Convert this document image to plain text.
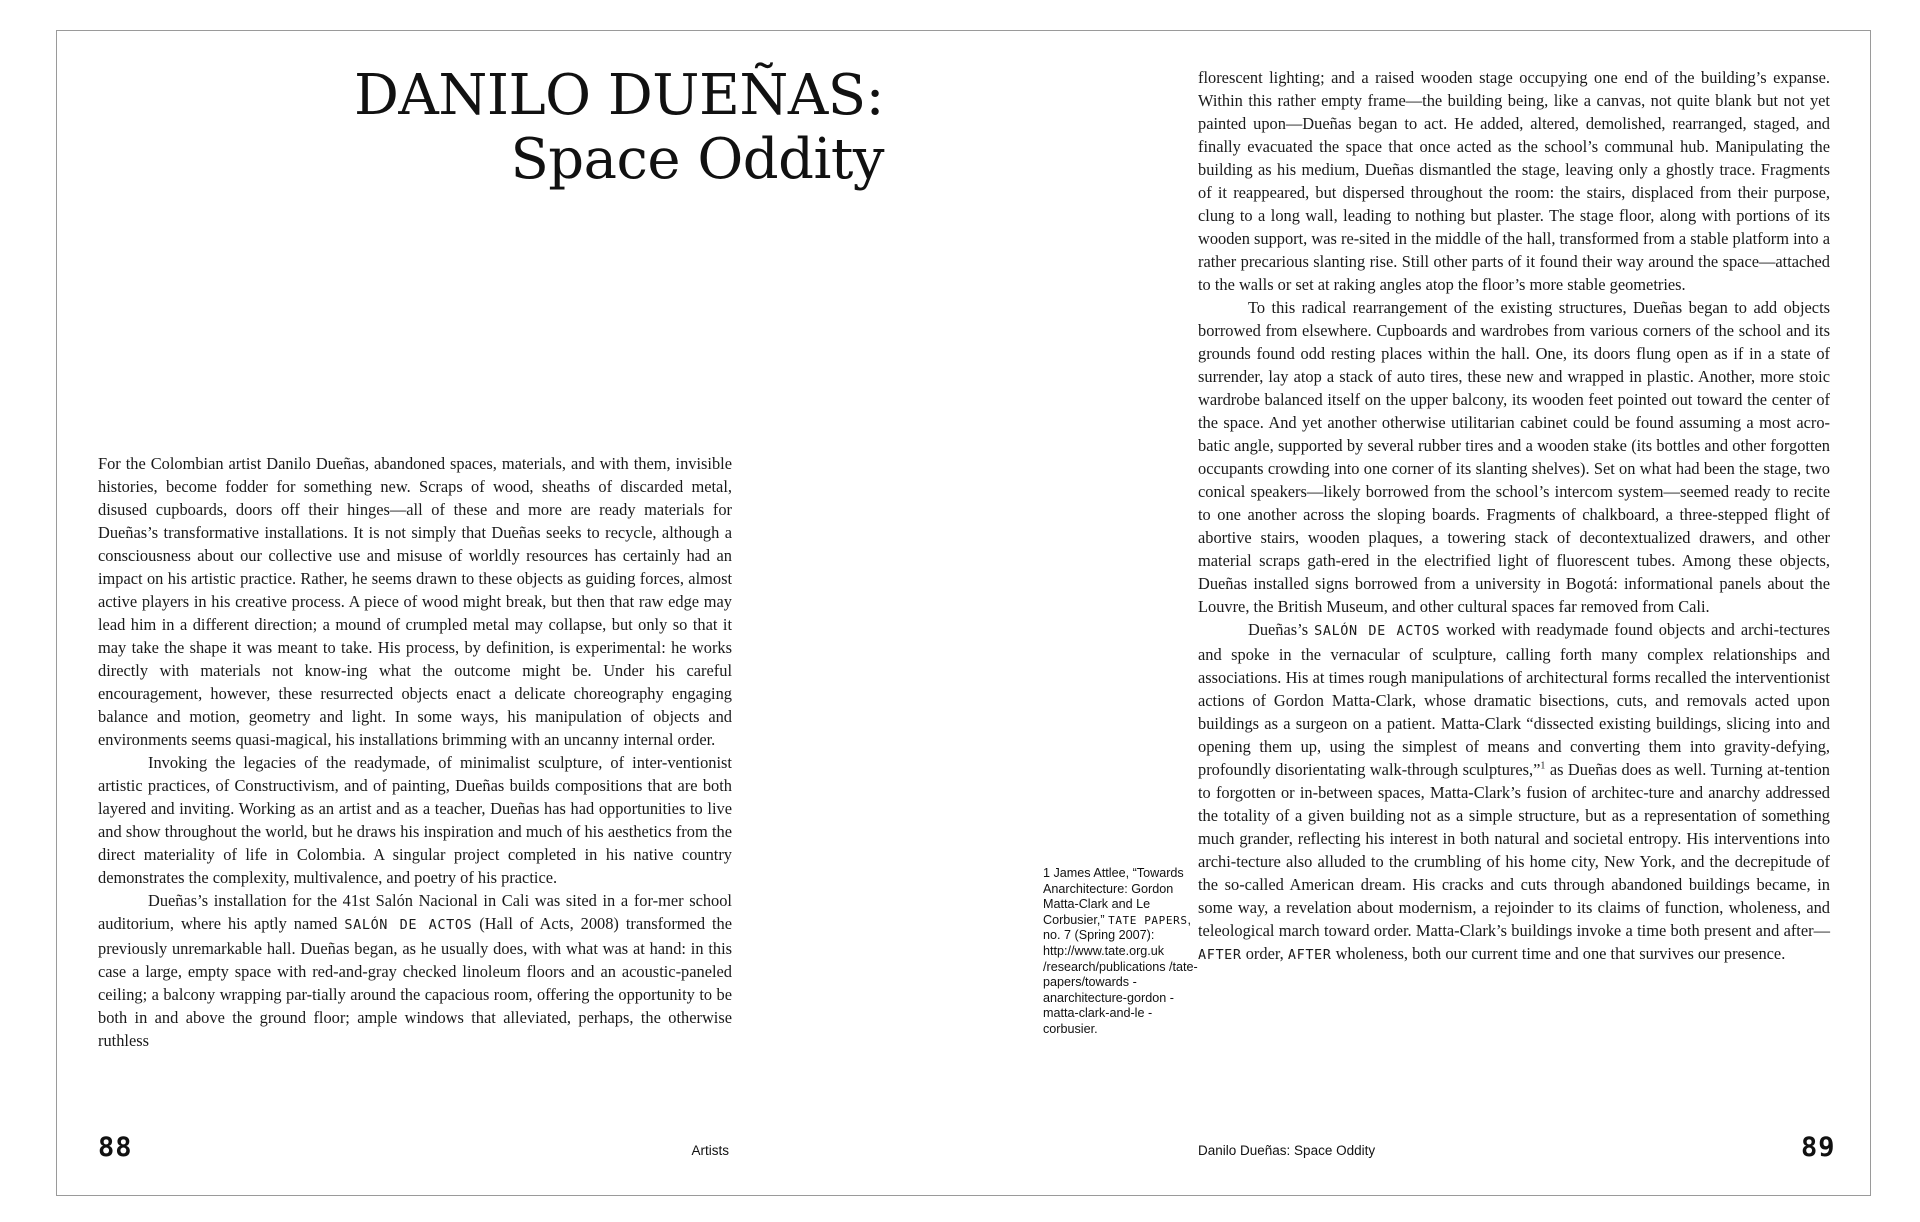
DANILO DUEÑAS:
Space Oddity

For the Colombian artist Danilo Dueñas, abandoned spaces, materials, and with them, invisible histories, become fodder for something new. Scraps of wood, sheaths of discarded metal, disused cupboards, doors off their hinges—all of these and more are ready materials for Dueñas’s transformative installations. It is not simply that Dueñas seeks to recycle, although a consciousness about our collective use and misuse of worldly resources has certainly had an impact on his artistic practice. Rather, he seems drawn to these objects as guiding forces, almost active players in his creative process. A piece of wood might break, but then that raw edge may lead him in a different direction; a mound of crumpled metal may collapse, but only so that it may take the shape it was meant to take. His process, by definition, is experimental: he works directly with materials not know-ing what the outcome might be. Under his careful encouragement, however, these resurrected objects enact a delicate choreography engaging balance and motion, geometry and light. In some ways, his manipulation of objects and environments seems quasi-magical, his installations brimming with an uncanny internal order.

Invoking the legacies of the readymade, of minimalist sculpture, of inter-ventionist artistic practices, of Constructivism, and of painting, Dueñas builds compositions that are both layered and inviting. Working as an artist and as a teacher, Dueñas has had opportunities to live and show throughout the world, but he draws his inspiration and much of his aesthetics from the direct materiality of life in Colombia. A singular project completed in his native country demonstrates the complexity, multivalence, and poetry of his practice.

Dueñas’s installation for the 41st Salón Nacional in Cali was sited in a for-mer school auditorium, where his aptly named SALÓN DE ACTOS (Hall of Acts, 2008) transformed the previously unremarkable hall. Dueñas began, as he usually does, with what was at hand: in this case a large, empty space with red-and-gray checked linoleum floors and an acoustic-paneled ceiling; a balcony wrapping par-tially around the capacious room, offering the opportunity to be both in and above the ground floor; ample windows that alleviated, perhaps, the otherwise ruthless

florescent lighting; and a raised wooden stage occupying one end of the building’s expanse. Within this rather empty frame—the building being, like a canvas, not quite blank but not yet painted upon—Dueñas began to act. He added, altered, demolished, rearranged, staged, and finally evacuated the space that once acted as the school’s communal hub. Manipulating the building as his medium, Dueñas dismantled the stage, leaving only a ghostly trace. Fragments of it reappeared, but dispersed throughout the room: the stairs, displaced from their purpose, clung to a long wall, leading to nothing but plaster. The stage floor, along with portions of its wooden support, was re-sited in the middle of the hall, transformed from a stable platform into a rather precarious slanting rise. Still other parts of it found their way around the space—attached to the walls or set at raking angles atop the floor’s more stable geometries.

To this radical rearrangement of the existing structures, Dueñas began to add objects borrowed from elsewhere. Cupboards and wardrobes from various corners of the school and its grounds found odd resting places within the hall. One, its doors flung open as if in a state of surrender, lay atop a stack of auto tires, these new and wrapped in plastic. Another, more stoic wardrobe balanced itself on the upper balcony, its wooden feet pointed out toward the center of the space. And yet another otherwise utilitarian cabinet could be found assuming a most acro-batic angle, supported by several rubber tires and a wooden stake (its bottles and other forgotten occupants crowding into one corner of its slanting shelves). Set on what had been the stage, two conical speakers—likely borrowed from the school’s intercom system—seemed ready to recite to one another across the sloping boards. Fragments of chalkboard, a three-stepped flight of abortive stairs, wooden plaques, a towering stack of decontextualized drawers, and other material scraps gath-ered in the electrified light of fluorescent tubes. Among these objects, Dueñas installed signs borrowed from a university in Bogotá: informational panels about the Louvre, the British Museum, and other cultural spaces far removed from Cali.

Dueñas’s SALÓN DE ACTOS worked with readymade found objects and archi-tectures and spoke in the vernacular of sculpture, calling forth many complex relationships and associations. His at times rough manipulations of architectural forms recalled the interventionist actions of Gordon Matta-Clark, whose dramatic bisections, cuts, and removals acted upon buildings as a surgeon on a patient. Matta-Clark “dissected existing buildings, slicing into and opening them up, using the simplest of means and converting them into gravity-defying, profoundly disorientating walk-through sculptures,”$^1$ as Dueñas does as well. Turning at-tention to forgotten or in-between spaces, Matta-Clark’s fusion of architec-ture and anarchy addressed the totality of a given building not as a simple structure, but as a representation of something much grander, reflecting his interest in both natural and societal entropy. His interventions into archi-tecture also alluded to the crumbling of his home city, New York, and the decrepitude of the so-called American dream. His cracks and cuts through abandoned buildings became, in some way, a revelation about modernism, a rejoinder to its claims of function, wholeness, and teleological march toward order. Matta-Clark’s buildings invoke a time both present and after—AFTER order, AFTER wholeness, both our current time and one that survives our presence.

1 James Attlee, “Towards Anarchitecture: Gordon Matta-Clark and Le Corbusier,” TATE PAPERS, no. 7 (Spring 2007): http://www.tate.org.uk /research/publications /tate-papers/towards -anarchitecture-gordon -matta-clark-and-le -corbusier.

88	Artists	Danilo Dueñas: Space Oddity	89
